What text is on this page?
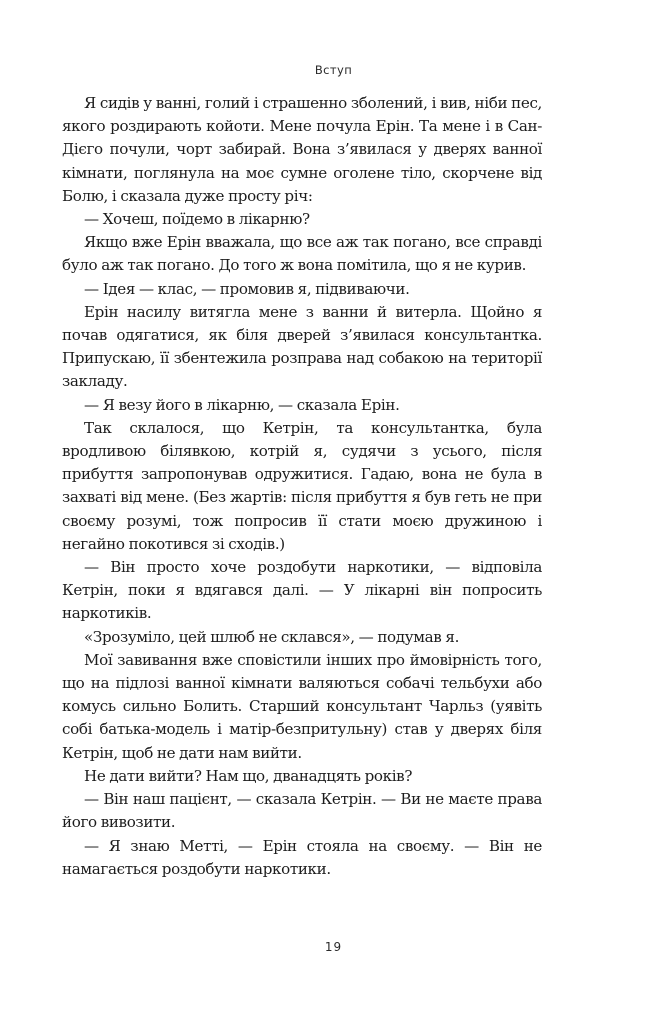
Вступ

Я сидів у ванні, голий і страшенно зболений, і вив, ніби пес, якого роздирають койоти. Мене почула Ерін. Та мене і в Сан-Дієго почули, чорт забирай. Вона з’явилася у дверях ванної кімнати, поглянула на моє сумне оголене тіло, скорчене від Болю, і сказала дуже просту річ:

— Хочеш, поїдемо в лікарню?

Якщо вже Ерін вважала, що все аж так погано, все справді було аж так погано. До того ж вона помітила, що я не курив.

— Ідея — клас, — промовив я, підвиваючи.

Ерін насилу витягла мене з ванни й витерла. Щойно я почав одягатися, як біля дверей з’явилася консультантка. Припускаю, її збентежила розправа над собакою на території закладу.

— Я везу його в лікарню, — сказала Ерін.

Так склалося, що Кетрін, та консультантка, була вродливою білявкою, котрій я, судячи з усього, після прибуття запропонував одружитися. Гадаю, вона не була в захваті від мене. (Без жартів: після прибуття я був геть не при своєму розумі, тож попросив її стати моєю дружиною і негайно покотився зі сходів.)

— Він просто хоче роздобути наркотики, — відповіла Кетрін, поки я вдягався далі. — У лікарні він попросить наркотиків.

«Зрозуміло, цей шлюб не склався», — подумав я.

Мої завивання вже сповістили інших про ймовірність того, що на підлозі ванної кімнати валяються собачі тельбухи або комусь сильно Болить. Старший консультант Чарльз (уявіть собі батька-модель і матір-безпритульну) став у дверях біля Кетрін, щоб не дати нам вийти.

Не дати вийти? Нам що, дванадцять років?

— Він наш пацієнт, — сказала Кетрін. — Ви не маєте права його вивозити.

— Я знаю Метті, — Ерін стояла на своєму. — Він не намагається роздобути наркотики.

19
